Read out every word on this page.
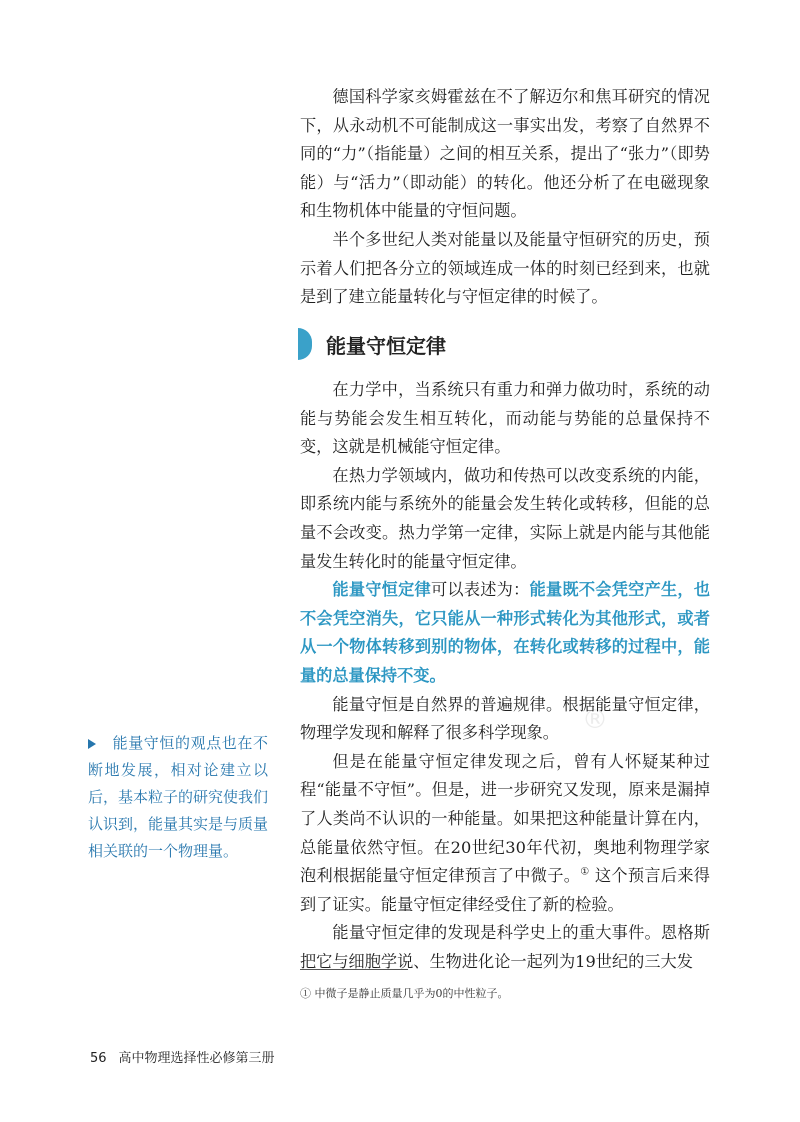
®

德国科学家亥姆霍兹在不了解迈尔和焦耳研究的情况下，从永动机不可能制成这一事实出发，考察了自然界不同的“力”（指能量）之间的相互关系，提出了“张力”（即势能）与“活力”（即动能）的转化。他还分析了在电磁现象和生物机体中能量的守恒问题。

半个多世纪人类对能量以及能量守恒研究的历史，预示着人们把各分立的领域连成一体的时刻已经到来，也就是到了建立能量转化与守恒定律的时候了。

能量守恒定律

在力学中，当系统只有重力和弹力做功时，系统的动能与势能会发生相互转化，而动能与势能的总量保持不变，这就是机械能守恒定律。

在热力学领域内，做功和传热可以改变系统的内能，即系统内能与系统外的能量会发生转化或转移，但能的总量不会改变。热力学第一定律，实际上就是内能与其他能量发生转化时的能量守恒定律。

能量守恒定律可以表述为：能量既不会凭空产生，也不会凭空消失，它只能从一种形式转化为其他形式，或者从一个物体转移到别的物体，在转化或转移的过程中，能量的总量保持不变。

能量守恒是自然界的普遍规律。根据能量守恒定律，物理学发现和解释了很多科学现象。

但是在能量守恒定律发现之后，曾有人怀疑某种过程“能量不守恒”。但是，进一步研究又发现，原来是漏掉了人类尚不认识的一种能量。如果把这种能量计算在内，总能量依然守恒。在20世纪30年代初，奥地利物理学家泡利根据能量守恒定律预言了中微子。① 这个预言后来得到了证实。能量守恒定律经受住了新的检验。

能量守恒定律的发现是科学史上的重大事件。恩格斯把它与细胞学说、生物进化论一起列为19世纪的三大发

能量守恒的观点也在不断地发展，相对论建立以后，基本粒子的研究使我们认识到，能量其实是与质量相关联的一个物理量。
① 中微子是静止质量几乎为0的中性粒子。
56 高中物理选择性必修第三册
